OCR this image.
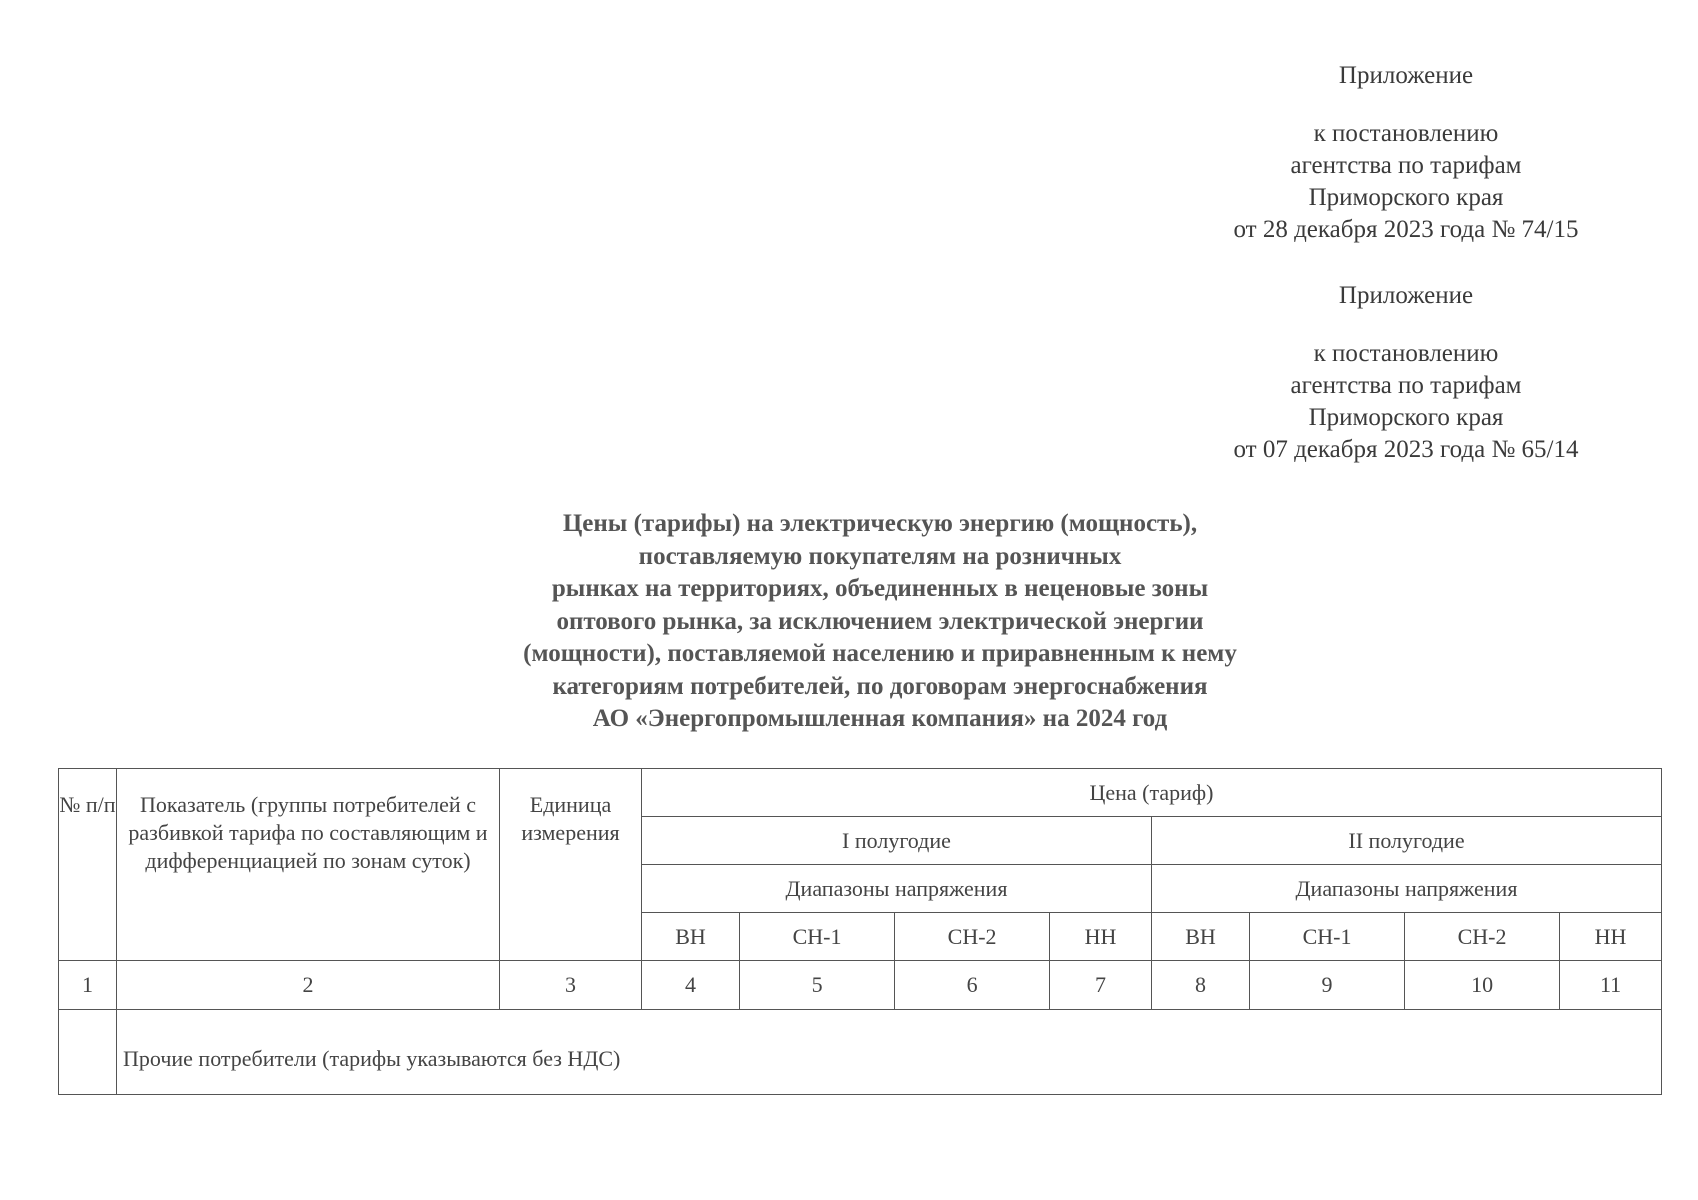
Приложение
к постановлению
агентства по тарифам
Приморского края
от 28 декабря 2023 года № 74/15
Приложение
к постановлению
агентства по тарифам
Приморского края
от 07 декабря 2023 года № 65/14
Цены (тарифы) на электрическую энергию (мощность),
поставляемую покупателям на розничных
рынках на территориях, объединенных в неценовые зоны
оптового рынка, за исключением электрической энергии
(мощности), поставляемой населению и приравненным к нему
категориям потребителей, по договорам энергоснабжения
АО «Энергопромышленная компания» на 2024 год
№ п/п	Показатель (группы потребителей с разбивкой тарифа по составляющим и дифференциацией по зонам суток)	Единица измерения	Цена (тариф)							
			I полугодие				II полугодие			
			Диапазоны напряжения				Диапазоны напряжения			
			ВН	СН-1	СН-2	НН	ВН	СН-1	СН-2	НН
1	2	3	4	5	6	7	8	9	10	11
	Прочие потребители (тарифы указываются без НДС)									
